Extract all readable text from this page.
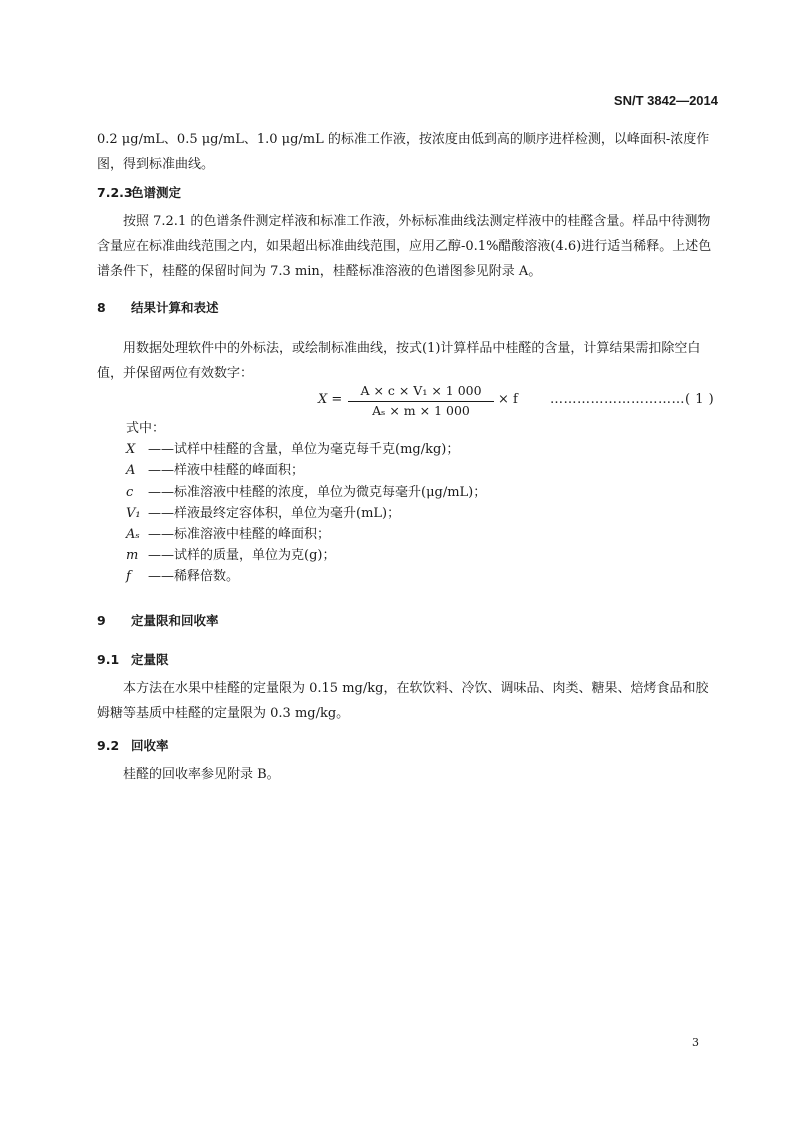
SN/T 3842—2014
0.2 μg/mL、0.5 μg/mL、1.0 μg/mL 的标准工作液，按浓度由低到高的顺序进样检测，以峰面积-浓度作图，得到标准曲线。
7.2.3色谱测定
按照 7.2.1 的色谱条件测定样液和标准工作液，外标标准曲线法测定样液中的桂醛含量。样品中待测物含量应在标准曲线范围之内，如果超出标准曲线范围，应用乙醇-0.1%醋酸溶液(4.6)进行适当稀释。上述色谱条件下，桂醛的保留时间为 7.3 min，桂醛标准溶液的色谱图参见附录 A。
8 结果计算和表述
用数据处理软件中的外标法，或绘制标准曲线，按式(1)计算样品中桂醛的含量，计算结果需扣除空白值，并保留两位有效数字：
X =
A × c × V₁ × 1 000
Aₛ × m × 1 000
× f …………………………( 1 )
式中：
X ——试样中桂醛的含量，单位为毫克每千克(mg/kg)；
A ——样液中桂醛的峰面积；
c ——标准溶液中桂醛的浓度，单位为微克每毫升(μg/mL)；
V₁ ——样液最终定容体积，单位为毫升(mL)；
Aₛ ——标准溶液中桂醛的峰面积；
m ——试样的质量，单位为克(g)；
f ——稀释倍数。
9 定量限和回收率
9.1 定量限
本方法在水果中桂醛的定量限为 0.15 mg/kg，在软饮料、冷饮、调味品、肉类、糖果、焙烤食品和胶姆糖等基质中桂醛的定量限为 0.3 mg/kg。
9.2 回收率
桂醛的回收率参见附录 B。
3
